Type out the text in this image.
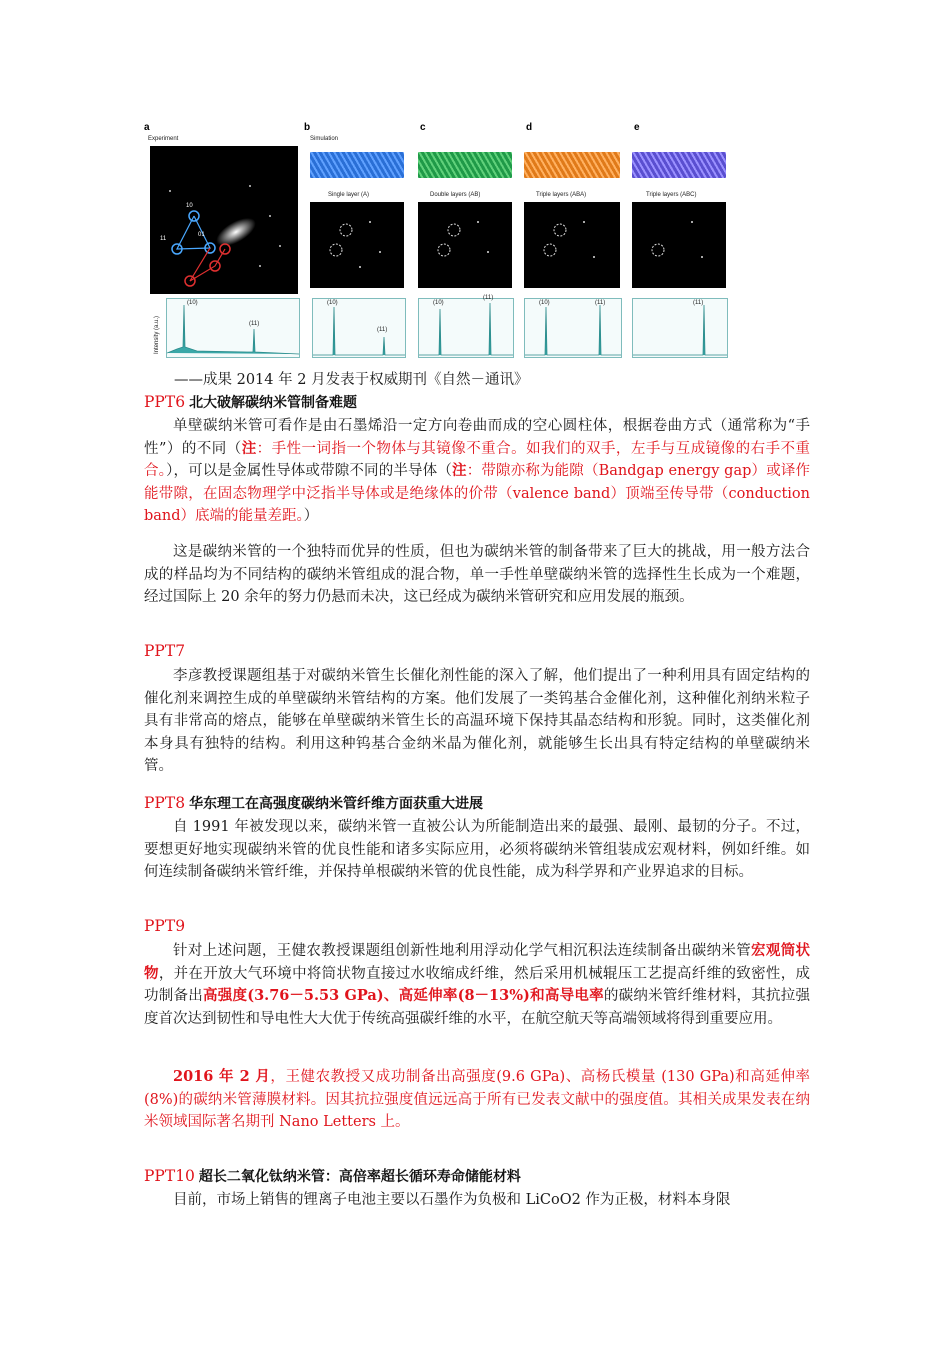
a
Experiment
10
11
01
(10)
(11)
Intensity (a.u.)
b
Simulation
Single layer (A)
(10)
(11)
c
Double layers (AB)
(10)
(11)
d
Triple layers (ABA)
(10)	(11)
e
Triple layers (ABC)
(11)
——成果 2014 年 2 月发表于权威期刊《自然－通讯》
PPT6 北大破解碳纳米管制备难题
单壁碳纳米管可看作是由石墨烯沿一定方向卷曲而成的空心圆柱体，根据卷曲方式（通常称为“手性”）的不同（注：手性一词指一个物体与其镜像不重合。如我们的双手，左手与互成镜像的右手不重合。），可以是金属性导体或带隙不同的半导体（注：带隙亦称为能隙（Bandgap energy gap）或译作能带隙，在固态物理学中泛指半导体或是绝缘体的价带（valence band）顶端至传导带（conduction band）底端的能量差距。）
这是碳纳米管的一个独特而优异的性质，但也为碳纳米管的制备带来了巨大的挑战，用一般方法合成的样品均为不同结构的碳纳米管组成的混合物，单一手性单壁碳纳米管的选择性生长成为一个难题，经过国际上 20 余年的努力仍悬而未决，这已经成为碳纳米管研究和应用发展的瓶颈。
PPT7
李彦教授课题组基于对碳纳米管生长催化剂性能的深入了解，他们提出了一种利用具有固定结构的催化剂来调控生成的单壁碳纳米管结构的方案。他们发展了一类钨基合金催化剂，这种催化剂纳米粒子具有非常高的熔点，能够在单壁碳纳米管生长的高温环境下保持其晶态结构和形貌。同时，这类催化剂本身具有独特的结构。利用这种钨基合金纳米晶为催化剂，就能够生长出具有特定结构的单壁碳纳米管。
PPT8 华东理工在高强度碳纳米管纤维方面获重大进展
自 1991 年被发现以来，碳纳米管一直被公认为所能制造出来的最强、最刚、最韧的分子。不过，要想更好地实现碳纳米管的优良性能和诸多实际应用，必须将碳纳米管组装成宏观材料，例如纤维。如何连续制备碳纳米管纤维，并保持单根碳纳米管的优良性能，成为科学界和产业界追求的目标。
PPT9
针对上述问题，王健农教授课题组创新性地利用浮动化学气相沉积法连续制备出碳纳米管宏观筒状物，并在开放大气环境中将筒状物直接过水收缩成纤维，然后采用机械辊压工艺提高纤维的致密性，成功制备出高强度(3.76－5.53 GPa)、高延伸率(8－13%)和高导电率的碳纳米管纤维材料，其抗拉强度首次达到韧性和导电性大大优于传统高强碳纤维的水平，在航空航天等高端领域将得到重要应用。
2016 年 2 月，王健农教授又成功制备出高强度(9.6 GPa)、高杨氏模量 (130 GPa)和高延伸率(8%)的碳纳米管薄膜材料。因其抗拉强度值远远高于所有已发表文献中的强度值。其相关成果发表在纳米领域国际著名期刊 Nano Letters 上。
PPT10 超长二氧化钛纳米管：高倍率超长循环寿命储能材料
目前，市场上销售的锂离子电池主要以石墨作为负极和 LiCoO2 作为正极，材料本身限
